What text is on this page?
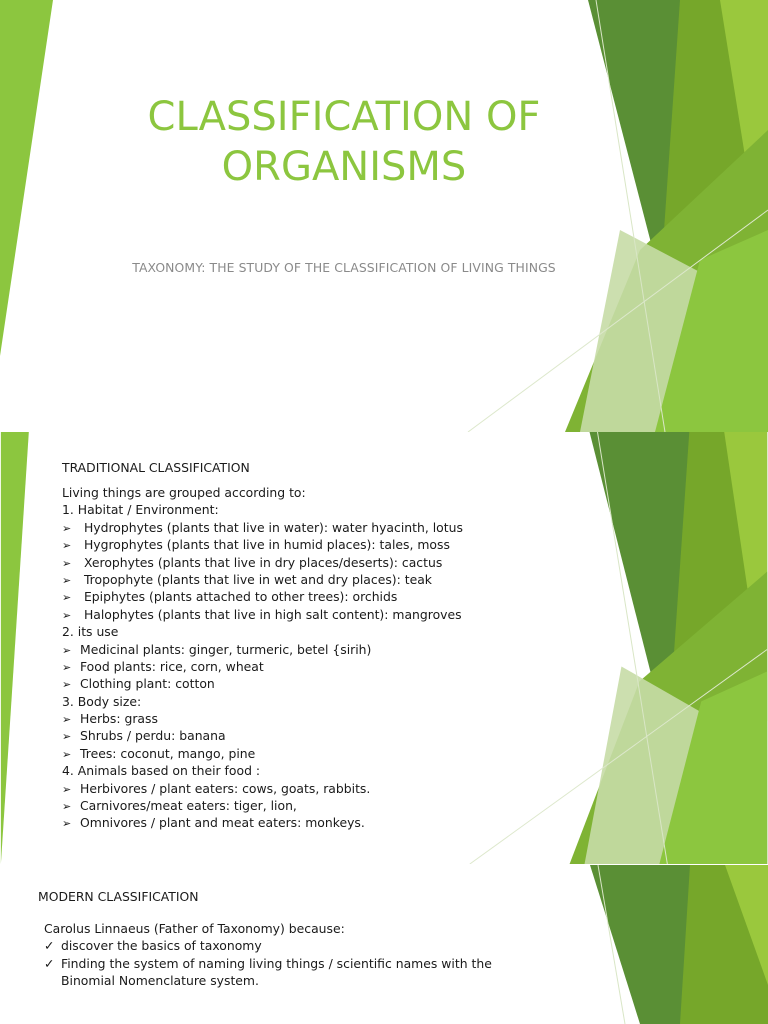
CLASSIFICATION OF
ORGANISMS
TAXONOMY: THE STUDY OF THE CLASSIFICATION OF LIVING THINGS
TRADITIONAL CLASSIFICATION
Living things are grouped according to:
1. Habitat / Environment:
➢ Hydrophytes (plants that live in water): water hyacinth, lotus
➢ Hygrophytes (plants that live in humid places): tales, moss
➢ Xerophytes (plants that live in dry places/deserts): cactus
➢ Tropophyte (plants that live in wet and dry places): teak
➢ Epiphytes (plants attached to other trees): orchids
➢ Halophytes (plants that live in high salt content): mangroves
2. its use
➢ Medicinal plants: ginger, turmeric, betel {sirih)
➢ Food plants: rice, corn, wheat
➢ Clothing plant: cotton
3. Body size:
➢ Herbs: grass
➢ Shrubs / perdu: banana
➢ Trees: coconut, mango, pine
4. Animals based on their food :
➢ Herbivores / plant eaters: cows, goats, rabbits.
➢ Carnivores/meat eaters: tiger, lion,
➢ Omnivores / plant and meat eaters: monkeys.
MODERN CLASSIFICATION
Carolus Linnaeus (Father of Taxonomy) because:
✓ discover the basics of taxonomy
✓ Finding the system of naming living things / scientific names with the
Binomial Nomenclature system.
